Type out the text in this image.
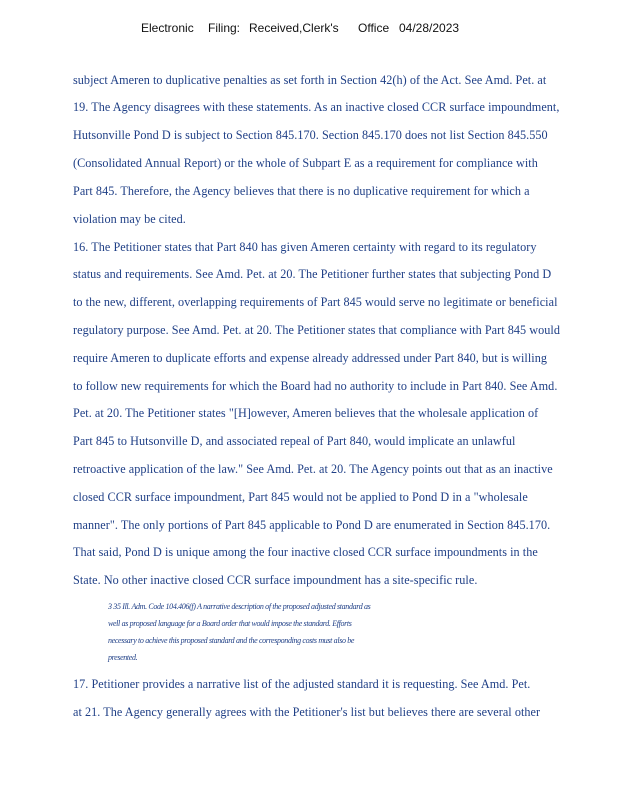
Electronic

Filing:

Received,Clerk's

Office

04/28/2023

subject Ameren to duplicative penalties as set forth in Section 42(h) of the Act. See Amd. Pet. at
19. The Agency disagrees with these statements. As an inactive closed CCR surface impoundment,
Hutsonville Pond D is subject to Section 845.170. Section 845.170 does not list Section 845.550
(Consolidated Annual Report) or the whole of Subpart E as a requirement for compliance with
Part 845. Therefore, the Agency believes that there is no duplicative requirement for which a
violation may be cited.
16. The Petitioner states that Part 840 has given Ameren certainty with regard to its regulatory
status and requirements. See Amd. Pet. at 20. The Petitioner further states that subjecting Pond D
to the new, different, overlapping requirements of Part 845 would serve no legitimate or beneficial
regulatory purpose. See Amd. Pet. at 20. The Petitioner states that compliance with Part 845 would
require Ameren to duplicate efforts and expense already addressed under Part 840, but is willing
to follow new requirements for which the Board had no authority to include in Part 840. See Amd.
Pet. at 20. The Petitioner states "[H]owever, Ameren believes that the wholesale application of
Part 845 to Hutsonville D, and associated repeal of Part 840, would implicate an unlawful
retroactive application of the law." See Amd. Pet. at 20. The Agency points out that as an inactive
closed CCR surface impoundment, Part 845 would not be applied to Pond D in a "wholesale
manner". The only portions of Part 845 applicable to Pond D are enumerated in Section 845.170.
That said, Pond D is unique among the four inactive closed CCR surface impoundments in the
State. No other inactive closed CCR surface impoundment has a site-specific rule.
3 35 Ill. Adm. Code 104.406(f) A narrative description of the proposed adjusted standard as
well as proposed language for a Board order that would impose the standard. Efforts
necessary to achieve this proposed standard and the corresponding costs must also be
presented.
17. Petitioner provides a narrative list of the adjusted standard it is requesting. See Amd. Pet.
at 21. The Agency generally agrees with the Petitioner's list but believes there are several other
